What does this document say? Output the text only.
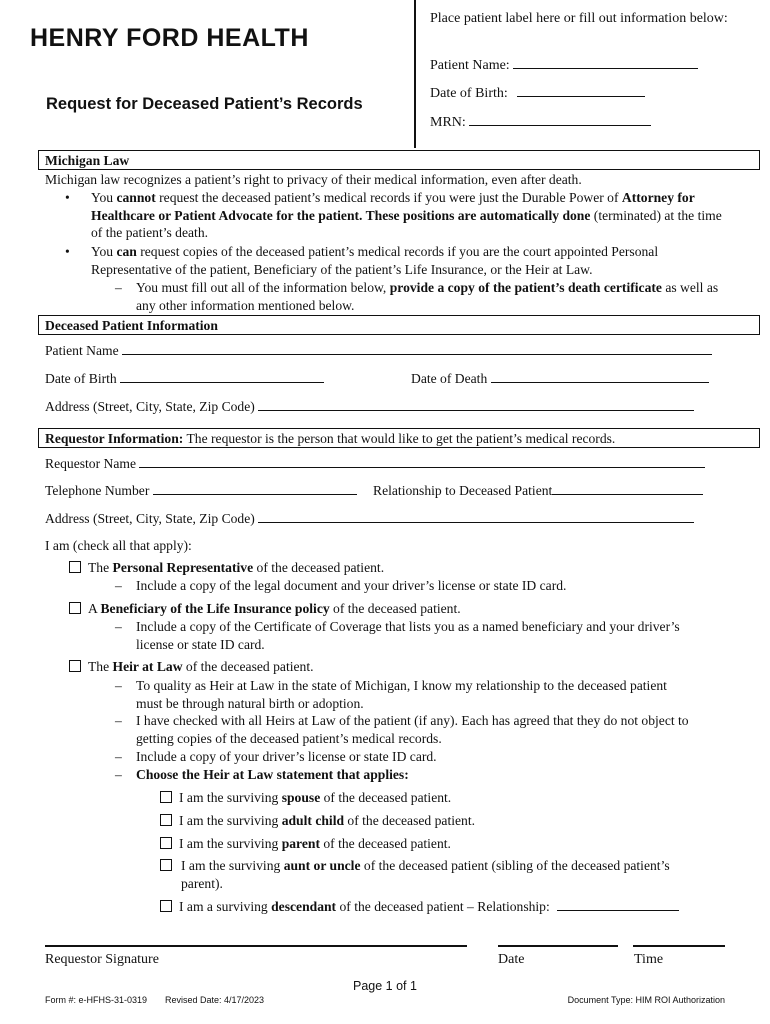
HENRY FORD HEALTH
Request for Deceased Patient’s Records
Place patient label here or fill out information below:
Patient Name:
Date of Birth:
MRN:
Michigan Law
Michigan law recognizes a patient’s right to privacy of their medical information, even after death.
• You cannot request the deceased patient’s medical records if you were just the Durable Power of Attorney for Healthcare or Patient Advocate for the patient. These positions are automatically done (terminated) at the time of the patient’s death.
• You can request copies of the deceased patient’s medical records if you are the court appointed Personal Representative of the patient, Beneficiary of the patient’s Life Insurance, or the Heir at Law.
– You must fill out all of the information below, provide a copy of the patient’s death certificate as well as any other information mentioned below.
Deceased Patient Information
Patient Name
Date of Birth	Date of Death
Address (Street, City, State, Zip Code)
Requestor Information: The requestor is the person that would like to get the patient’s medical records.
Requestor Name
Telephone Number	Relationship to Deceased Patient
Address (Street, City, State, Zip Code)
I am (check all that apply):
The Personal Representative of the deceased patient.
– Include a copy of the legal document and your driver’s license or state ID card.
A Beneficiary of the Life Insurance policy of the deceased patient.
– Include a copy of the Certificate of Coverage that lists you as a named beneficiary and your driver’s license or state ID card.
The Heir at Law of the deceased patient.
– To quality as Heir at Law in the state of Michigan, I know my relationship to the deceased patient must be through natural birth or adoption.
– I have checked with all Heirs at Law of the patient (if any). Each has agreed that they do not object to getting copies of the deceased patient’s medical records.
– Include a copy of your driver’s license or state ID card.
– Choose the Heir at Law statement that applies:
I am the surviving spouse of the deceased patient.
I am the surviving adult child of the deceased patient.
I am the surviving parent of the deceased patient.
I am the surviving aunt or uncle of the deceased patient (sibling of the deceased patient’s parent).
I am a surviving descendant of the deceased patient – Relationship:
Requestor Signature	Date	Time
Page 1 of 1
Form #: e-HFHS-31-0319 Revised Date: 4/17/2023	Document Type: HIM ROI Authorization
